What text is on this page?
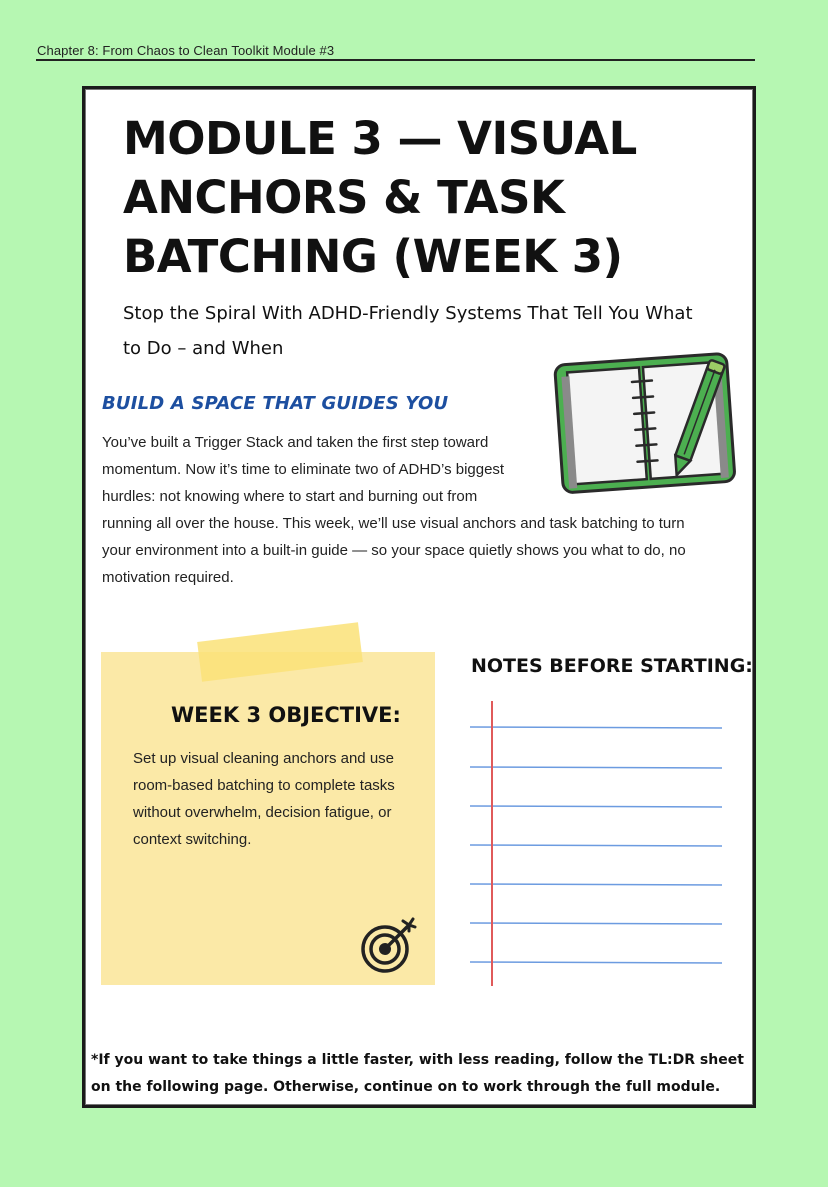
Chapter 8: From Chaos to Clean Toolkit Module #3
MODULE 3 — VISUAL ANCHORS & TASK BATCHING (WEEK 3)

Stop the Spiral With ADHD-Friendly Systems That Tell You What to Do – and When

BUILD A SPACE THAT GUIDES YOU

You’ve built a Trigger Stack and taken the first step toward momentum. Now it’s time to eliminate two of ADHD’s biggest hurdles: not knowing where to start and burning out from running all over the house. This week, we’ll use visual anchors and task batching to turn your environment into a built-in guide — so your space quietly shows you what to do, no motivation required.

WEEK 3 OBJECTIVE:

Set up visual cleaning anchors and use room-based batching to complete tasks without overwhelm, decision fatigue, or context switching.

NOTES BEFORE STARTING:

*If you want to take things a little faster, with less reading, follow the TL:DR sheet on the following page. Otherwise, continue on to work through the full module.
